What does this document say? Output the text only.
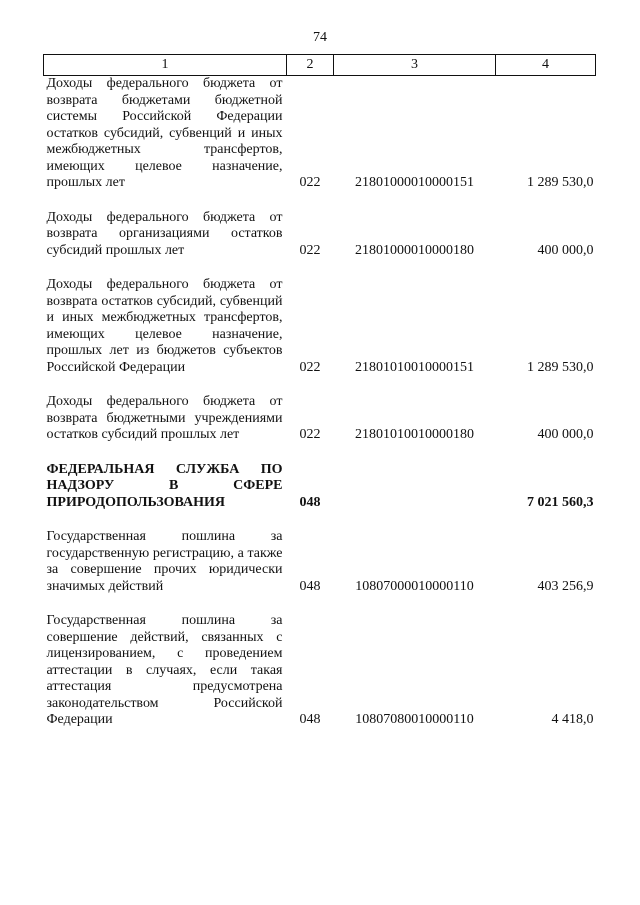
74
1	2	3	4
Доходы федерального бюджета от возврата бюджетами бюджетной системы Российской Федерации остатков субсидий, субвенций и иных межбюджетных трансфертов, имеющих целевое назначение, прошлых лет	022	21801000010000151	1 289 530,0
Доходы федерального бюджета от возврата организациями остатков субсидий прошлых лет	022	21801000010000180	400 000,0
Доходы федерального бюджета от возврата остатков субсидий, субвенций и иных межбюджетных трансфертов, имеющих целевое назначение, прошлых лет из бюджетов субъектов Российской Федерации	022	21801010010000151	1 289 530,0
Доходы федерального бюджета от возврата бюджетными учреждениями остатков субсидий прошлых лет	022	21801010010000180	400 000,0
ФЕДЕРАЛЬНАЯ СЛУЖБА ПО НАДЗОРУ В СФЕРЕ ПРИРОДОПОЛЬЗОВАНИЯ	048		7 021 560,3
Государственная пошлина за государственную регистрацию, а также за совершение прочих юридически значимых действий	048	10807000010000110	403 256,9
Государственная пошлина за совершение действий, связанных с лицензированием, с проведением аттестации в случаях, если такая аттестация предусмотрена законодательством Российской Федерации	048	10807080010000110	4 418,0
